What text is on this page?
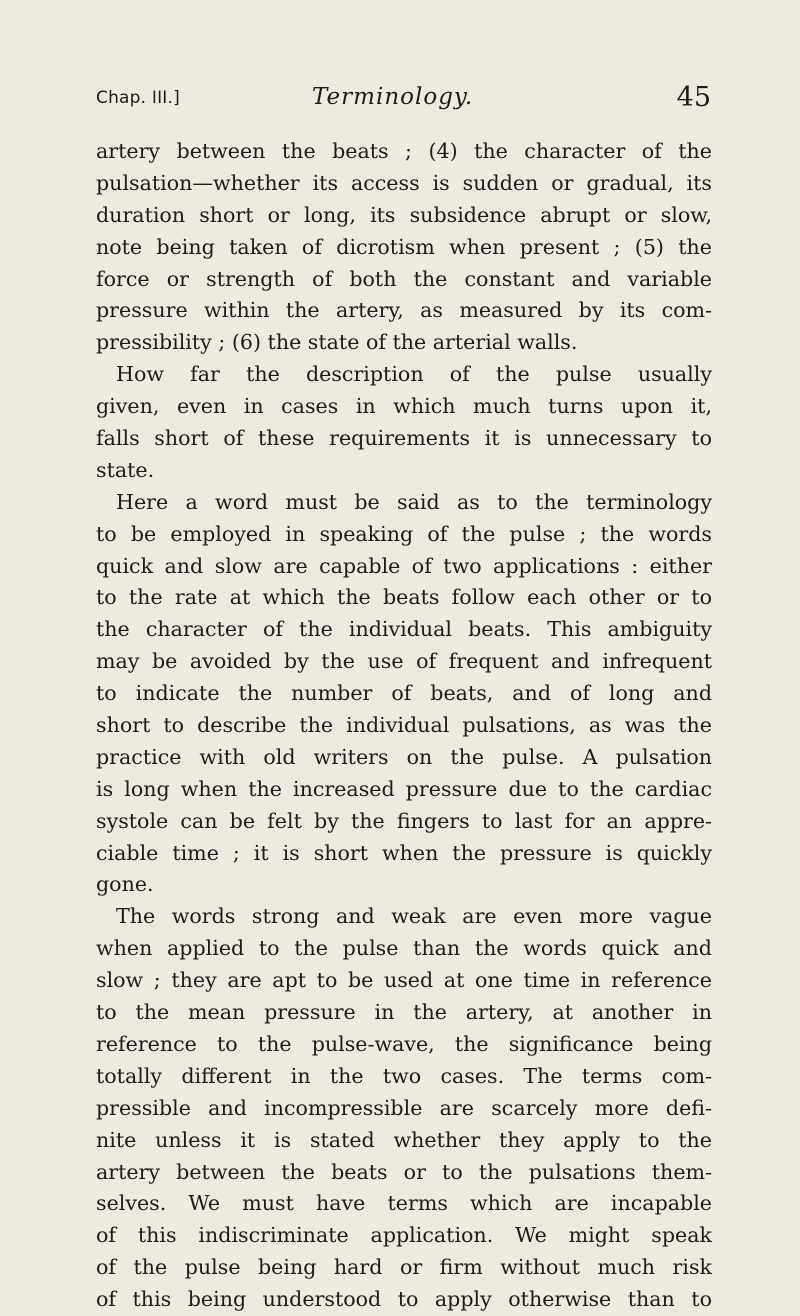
Chap. III.]	Terminology.	45
artery between the beats ; (4) the character of the
pulsation—whether its access is sudden or gradual, its
duration short or long, its subsidence abrupt or slow,
note being taken of dicrotism when present ; (5) the
force or strength of both the constant and variable
pressure within the artery, as measured by its com-
pressibility ; (6) the state of the arterial walls.
How far the description of the pulse usually
given, even in cases in which much turns upon it,
falls short of these requirements it is unnecessary to
state.
Here a word must be said as to the terminology
to be employed in speaking of the pulse ; the words
quick and slow are capable of two applications : either
to the rate at which the beats follow each other or to
the character of the individual beats. This ambiguity
may be avoided by the use of frequent and infrequent
to indicate the number of beats, and of long and
short to describe the individual pulsations, as was the
practice with old writers on the pulse. A pulsation
is long when the increased pressure due to the cardiac
systole can be felt by the fingers to last for an appre-
ciable time ; it is short when the pressure is quickly
gone.
The words strong and weak are even more vague
when applied to the pulse than the words quick and
slow ; they are apt to be used at one time in reference
to the mean pressure in the artery, at another in
reference to the pulse-wave, the significance being
totally different in the two cases. The terms com-
pressible and incompressible are scarcely more defi-
nite unless it is stated whether they apply to the
artery between the beats or to the pulsations them-
selves. We must have terms which are incapable
of this indiscriminate application. We might speak
of the pulse being hard or firm without much risk
of this being understood to apply otherwise than to
